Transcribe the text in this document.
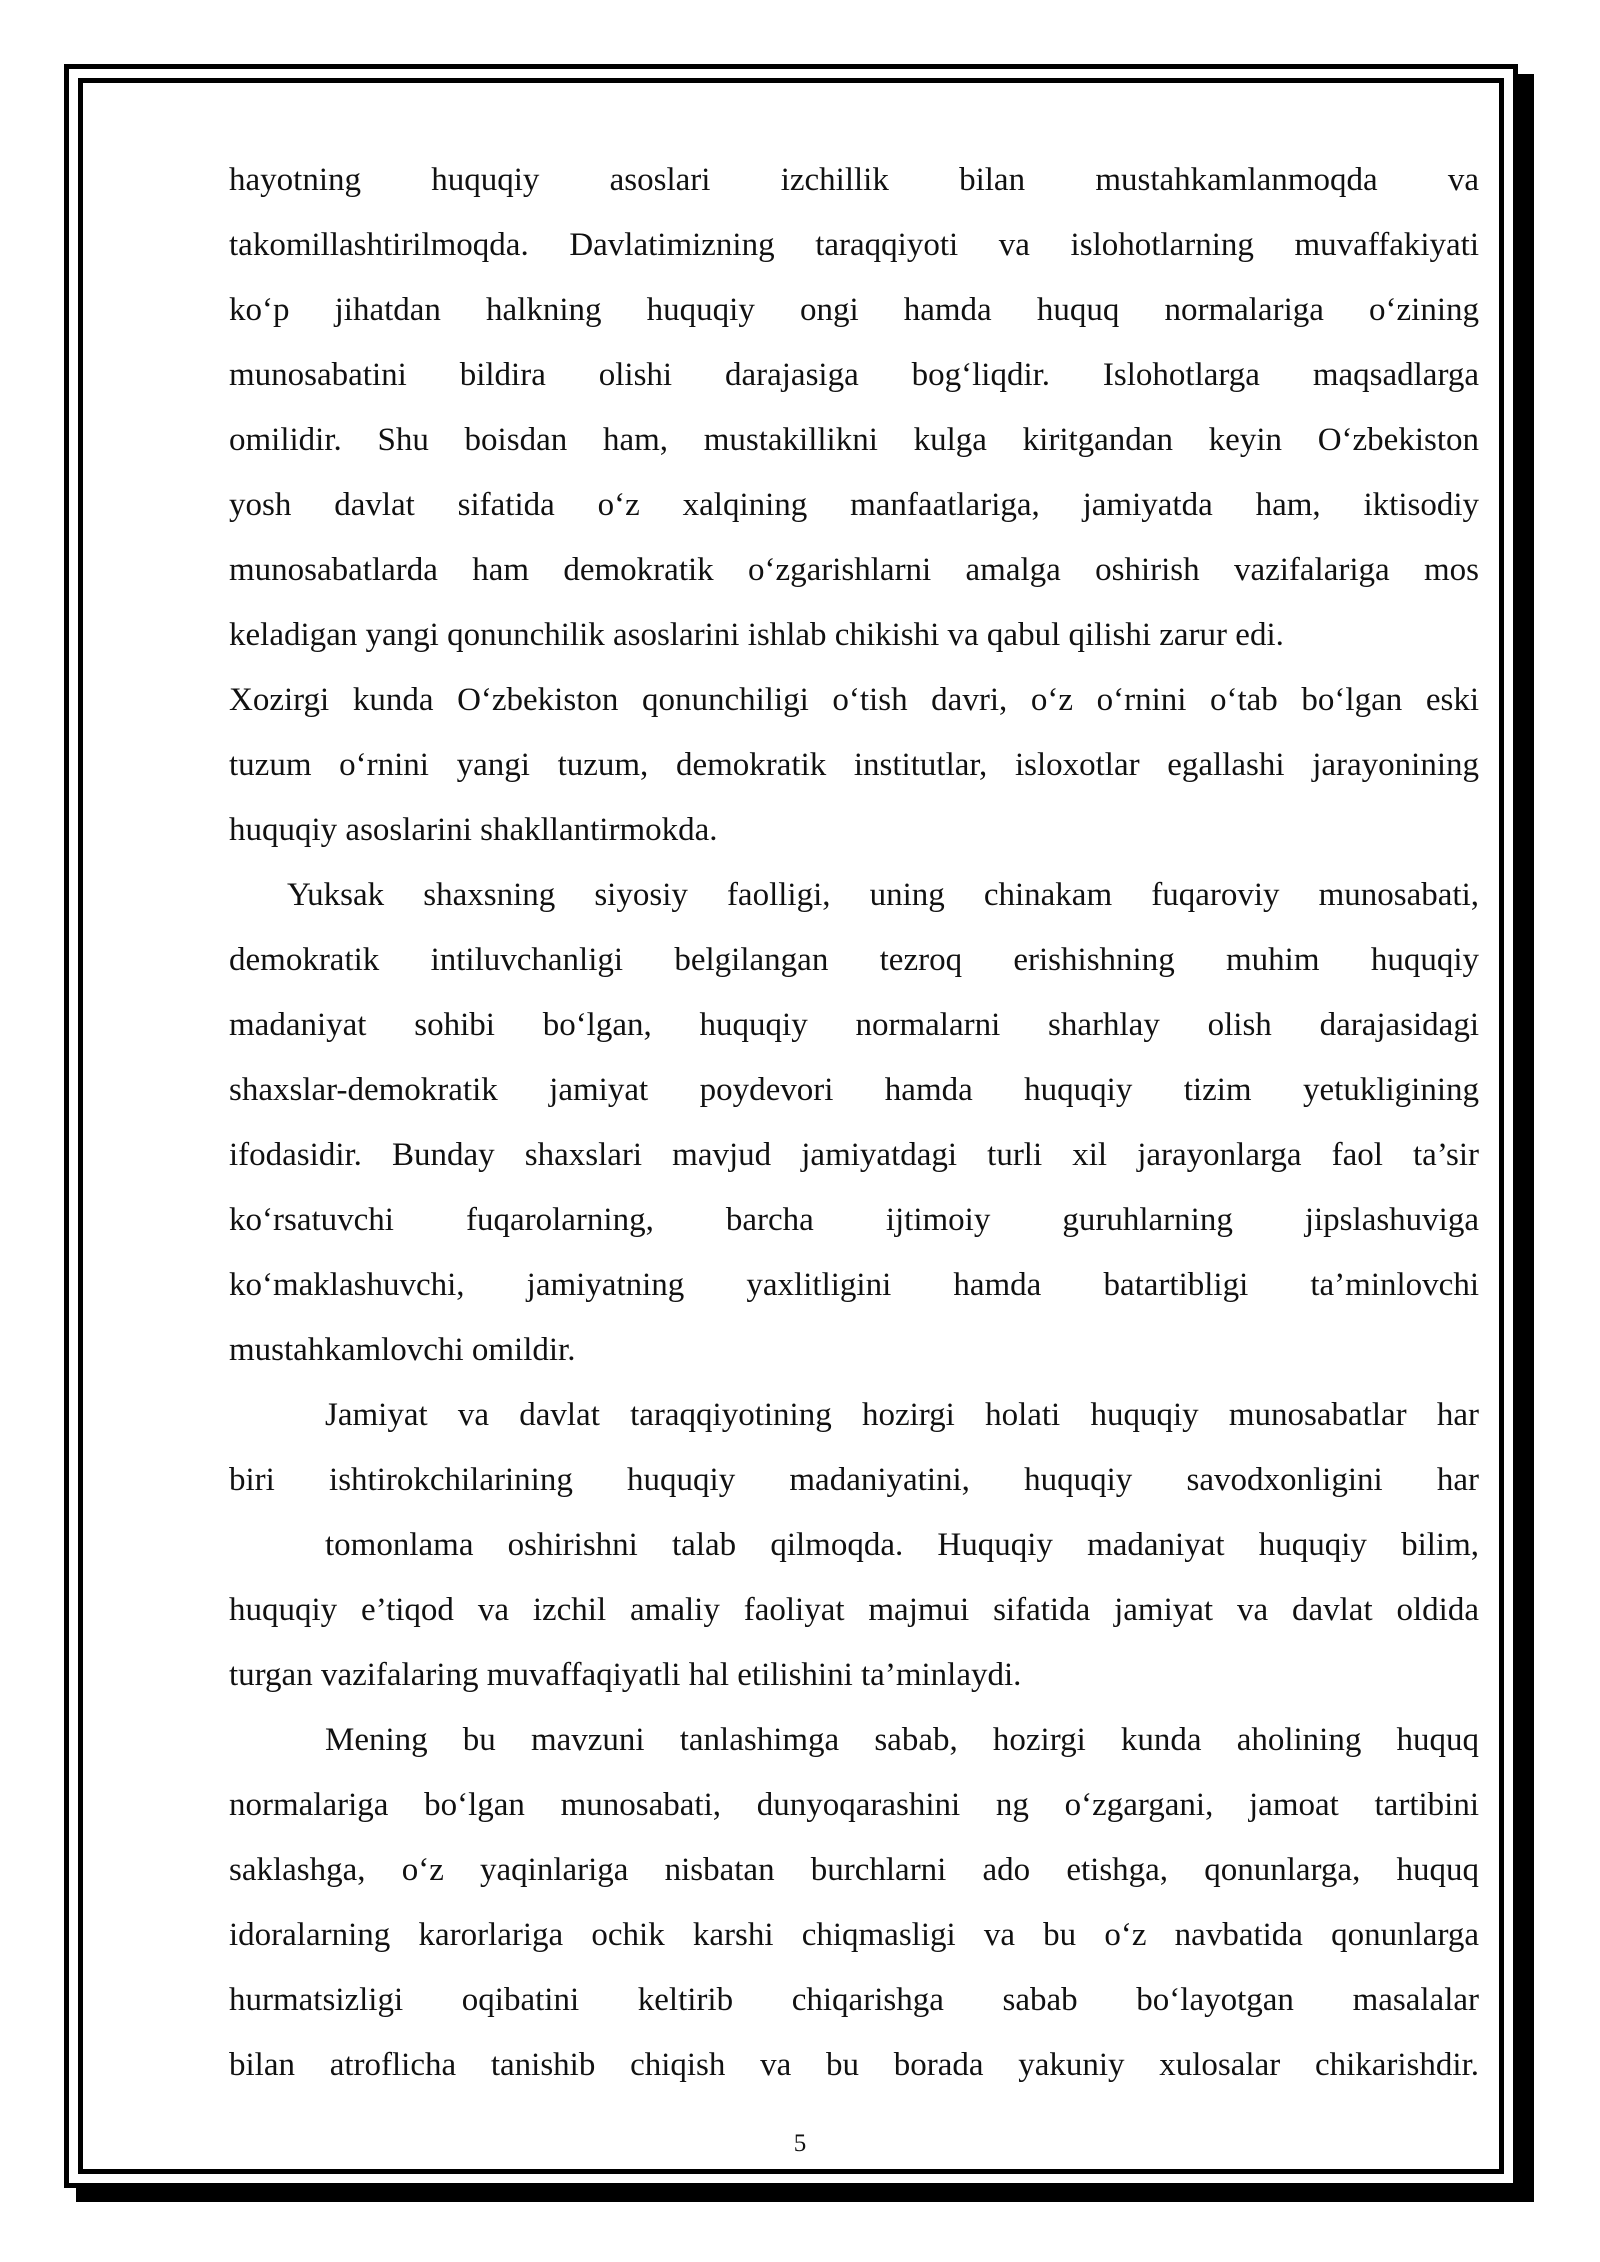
hayotning huquqiy asoslari izchillik bilan mustahkamlanmoqda va
takomillashtirilmoqda. Davlatimizning taraqqiyoti va islohotlarning muvaffakiyati
ko‘p jihatdan halkning huquqiy ongi hamda huquq normalariga o‘zining
munosabatini bildira olishi darajasiga bog‘liqdir. Islohotlarga maqsadlarga
omilidir. Shu boisdan ham, mustakillikni kulga kiritgandan keyin O‘zbekiston
yosh davlat sifatida o‘z xalqining manfaatlariga, jamiyatda ham, iktisodiy
munosabatlarda ham demokratik o‘zgarishlarni amalga oshirish vazifalariga mos
keladigan yangi qonunchilik asoslarini ishlab chikishi va qabul qilishi zarur edi.
Xozirgi kunda O‘zbekiston qonunchiligi o‘tish davri, o‘z o‘rnini o‘tab bo‘lgan eski
tuzum o‘rnini yangi tuzum, demokratik institutlar, isloxotlar egallashi jarayonining
huquqiy asoslarini shakllantirmokda.
Yuksak shaxsning siyosiy faolligi, uning chinakam fuqaroviy munosabati,
demokratik intiluvchanligi belgilangan tezroq erishishning muhim huquqiy
madaniyat sohibi bo‘lgan, huquqiy normalarni sharhlay olish darajasidagi
shaxslar-demokratik jamiyat poydevori hamda huquqiy tizim yetukligining
ifodasidir. Bunday shaxslari mavjud jamiyatdagi turli xil jarayonlarga faol ta’sir
ko‘rsatuvchi fuqarolarning, barcha ijtimoiy guruhlarning jipslashuviga
ko‘maklashuvchi, jamiyatning yaxlitligini hamda batartibligi ta’minlovchi
mustahkamlovchi omildir.
Jamiyat va davlat taraqqiyotining hozirgi holati huquqiy munosabatlar har
biri ishtirokchilarining huquqiy madaniyatini, huquqiy savodxonligini har
tomonlama oshirishni talab qilmoqda. Huquqiy madaniyat huquqiy bilim,
huquqiy e’tiqod va izchil amaliy faoliyat majmui sifatida jamiyat va davlat oldida
turgan vazifalaring muvaffaqiyatli hal etilishini ta’minlaydi.
Mening bu mavzuni tanlashimga sabab, hozirgi kunda aholining huquq
normalariga bo‘lgan munosabati, dunyoqarashini ng o‘zgargani, jamoat tartibini
saklashga, o‘z yaqinlariga nisbatan burchlarni ado etishga, qonunlarga, huquq
idoralarning karorlariga ochik karshi chiqmasligi va bu o‘z navbatida qonunlarga
hurmatsizligi oqibatini keltirib chiqarishga sabab bo‘layotgan masalalar
bilan atroflicha tanishib chiqish va bu borada yakuniy xulosalar chikarishdir.
5
